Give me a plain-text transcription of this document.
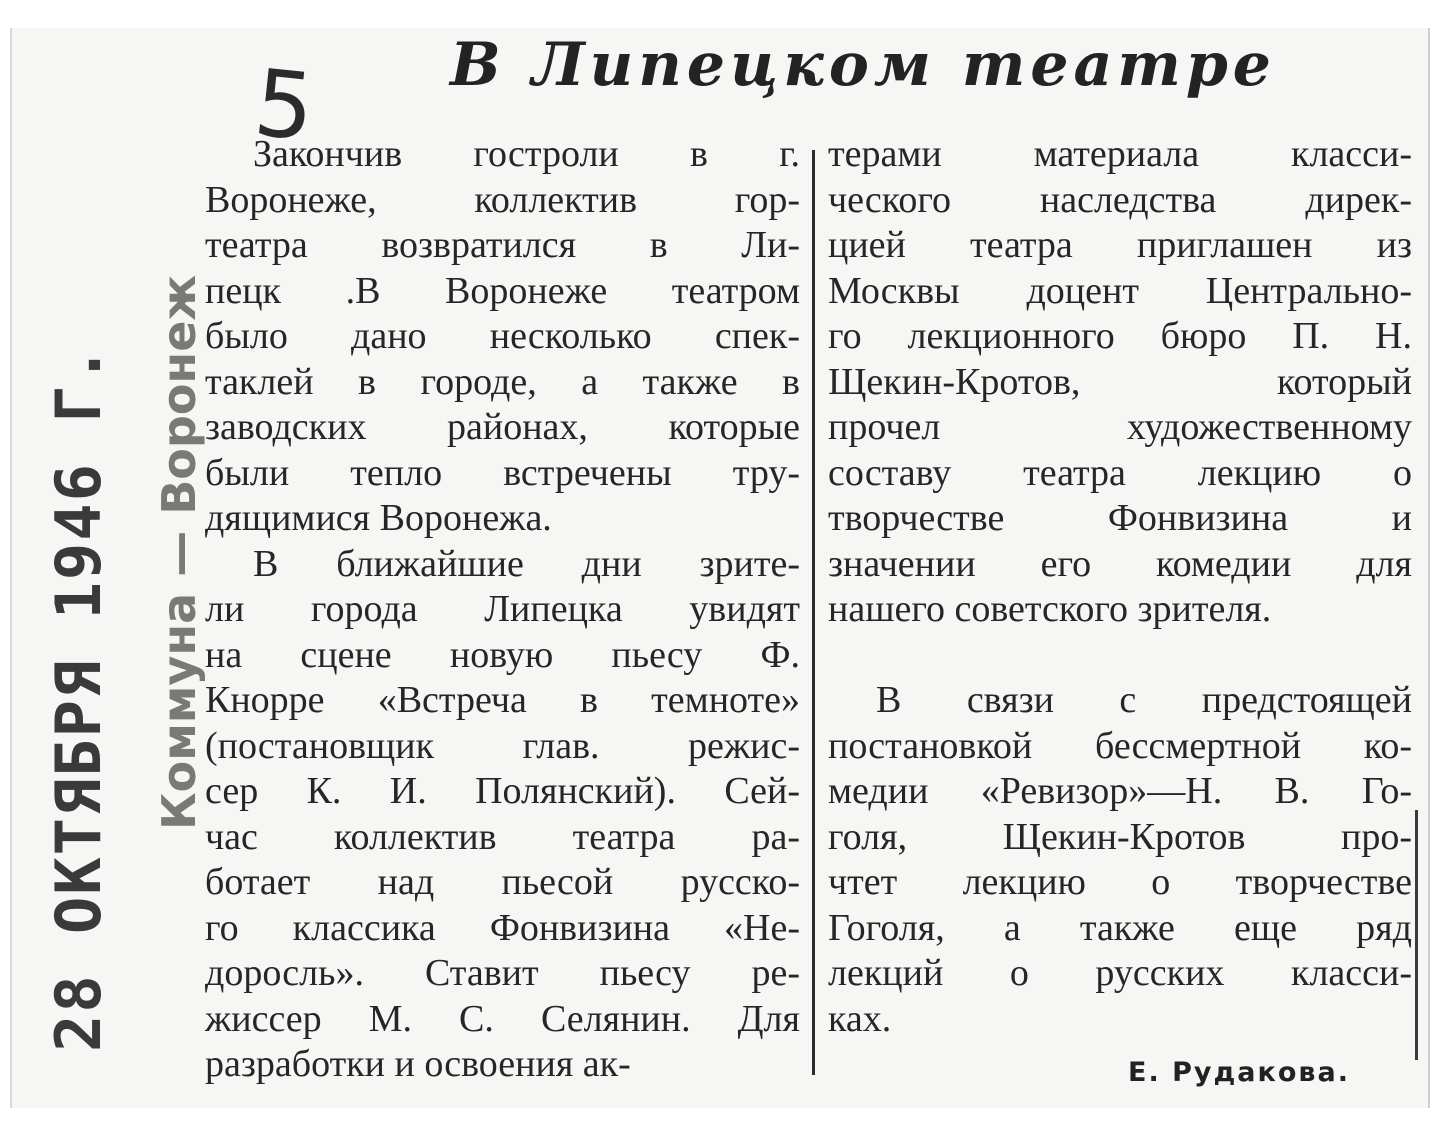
28 ОКТЯБРЯ 1946 Г. Коммуна — Воронеж
5 В Липецком театре
Закончив гостроли в г.
Воронеже, коллектив гор-
театра возвратился в Ли-
пецк .В Воронеже театром
было дано несколько спек-
таклей в городе, а также в
заводских районах, которые
были тепло встречены тру-
дящимися Воронежа.
В ближайшие дни зрите-
ли города Липецка увидят
на сцене новую пьесу Ф.
Кнорре «Встреча в темноте»
(постановщик глав. режис-
сер К. И. Полянский). Сей-
час коллектив театра ра-
ботает над пьесой русско-
го классика Фонвизина «Не-
доросль». Ставит пьесу ре-
жиссер М. С. Селянин. Для
разработки и освоения ак-
терами материала класси-
ческого наследства дирек-
цией театра приглашен из
Москвы доцент Центрально-
го лекционного бюро П. Н.
Щекин-Кротов, который
прочел художественному
составу театра лекцию о
творчестве Фонвизина и
значении его комедии для
нашего советского зрителя.
В связи с предстоящей
постановкой бессмертной ко-
медии «Ревизор»—Н. В. Го-
голя, Щекин-Кротов про-
чтет лекцию о творчестве
Гоголя, а также еще ряд
лекций о русских класси-
ках.
Е. Рудакова.
